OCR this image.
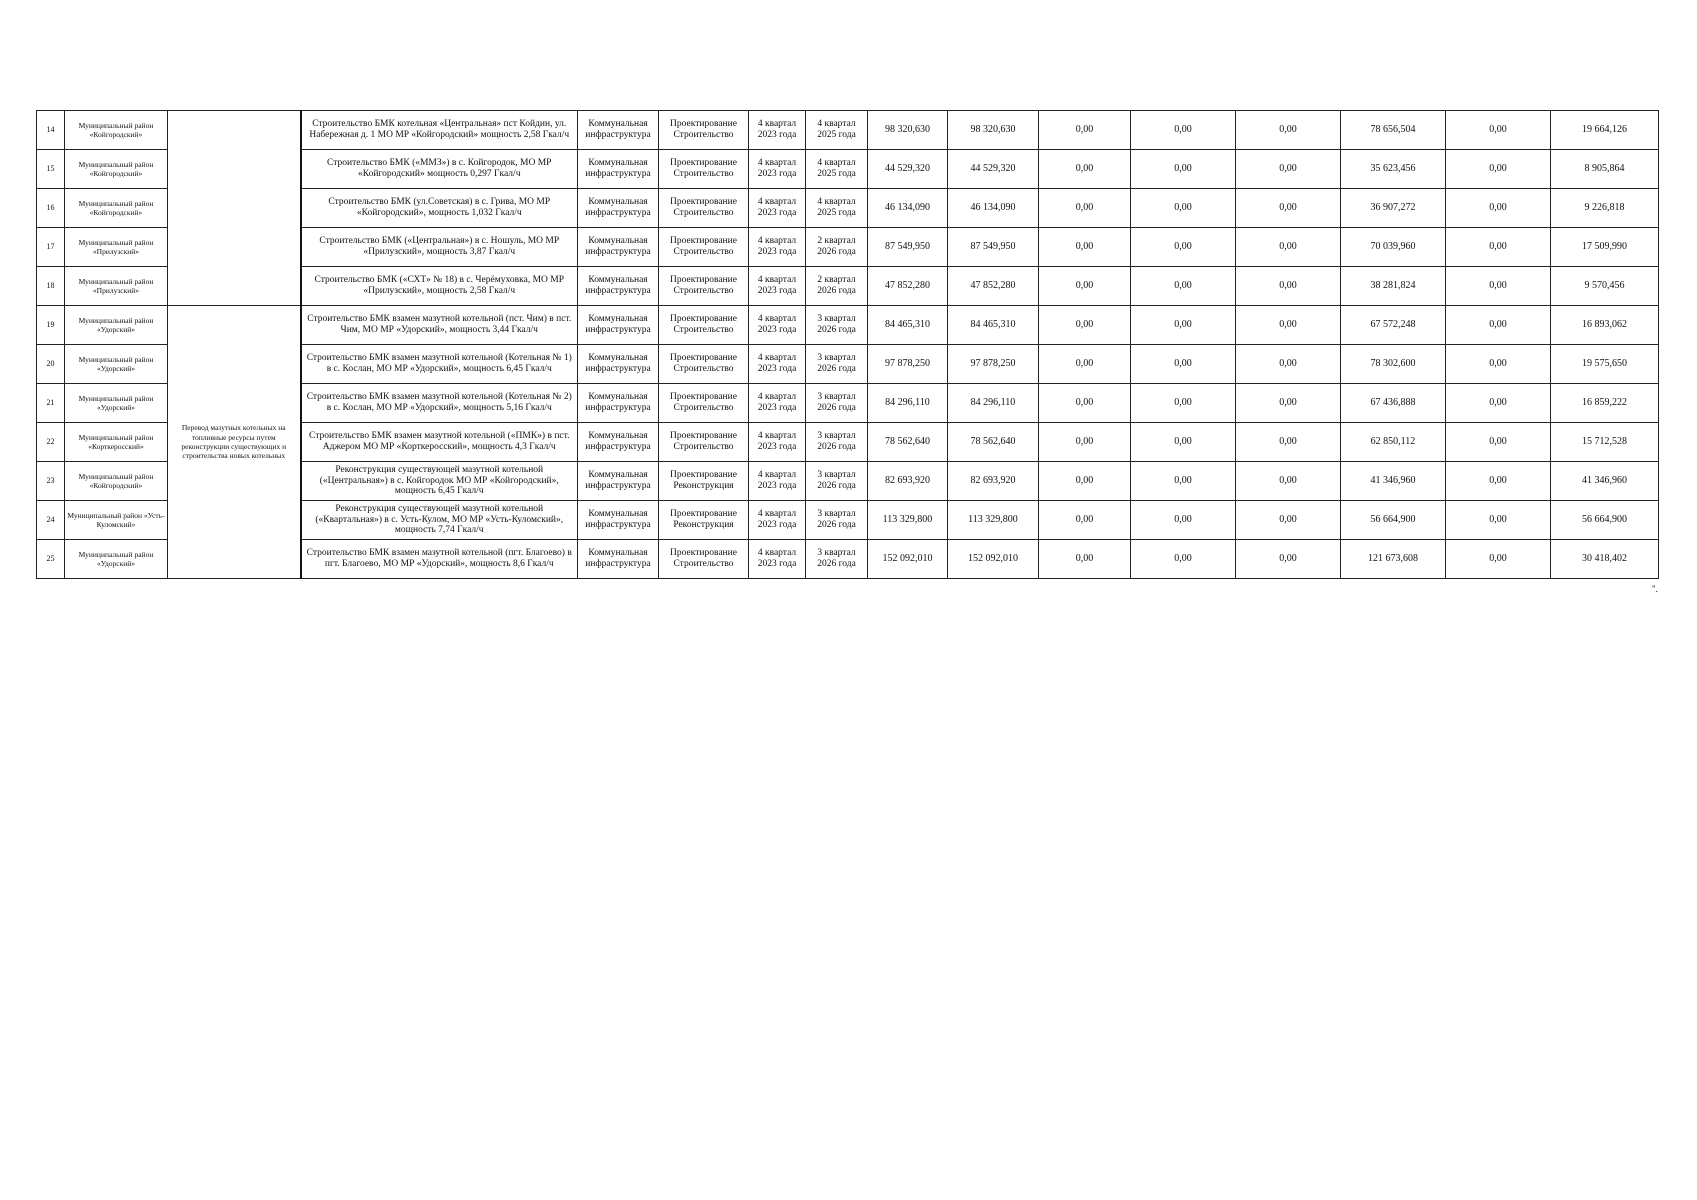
14	Муниципальный район «Койгородский»		Строительство БМК котельная «Центральная» пст Койдин, ул. Набережная д. 1 МО МР «Койгородский» мощность 2,58 Гкал/ч	Коммунальная инфраструктура	Проектирование Строительство	4 квартал 2023 года	4 квартал 2025 года	98 320,630	98 320,630	0,00	0,00	0,00	78 656,504	0,00	19 664,126
15	Муниципальный район «Койгородский»		Строительство БМК («ММЗ») в с. Койгородок, МО МР «Койгородский» мощность 0,297 Гкал/ч	Коммунальная инфраструктура	Проектирование Строительство	4 квартал 2023 года	4 квартал 2025 года	44 529,320	44 529,320	0,00	0,00	0,00	35 623,456	0,00	8 905,864
16	Муниципальный район «Койгородский»		Строительство БМК (ул.Советская) в с. Грива, МО МР «Койгородский», мощность 1,032 Гкал/ч	Коммунальная инфраструктура	Проектирование Строительство	4 квартал 2023 года	4 квартал 2025 года	46 134,090	46 134,090	0,00	0,00	0,00	36 907,272	0,00	9 226,818
17	Муниципальный район «Прилузский»		Строительство БМК («Центральная») в с. Ношуль, МО МР «Прилузский», мощность 3,87 Гкал/ч	Коммунальная инфраструктура	Проектирование Строительство	4 квартал 2023 года	2 квартал 2026 года	87 549,950	87 549,950	0,00	0,00	0,00	70 039,960	0,00	17 509,990
18	Муниципальный район «Прилузский»		Строительство БМК («СХТ» № 18) в с. Черёмуховка, МО МР «Прилузский», мощность 2,58 Гкал/ч	Коммунальная инфраструктура	Проектирование Строительство	4 квартал 2023 года	2 квартал 2026 года	47 852,280	47 852,280	0,00	0,00	0,00	38 281,824	0,00	9 570,456
19	Муниципальный район «Удорский»	Перевод мазутных котельных на топливные ресурсы путем реконструкции существующих и строительства новых котельных	Строительство БМК взамен мазутной котельной (пст. Чим) в пст. Чим, МО МР «Удорский», мощность 3,44 Гкал/ч	Коммунальная инфраструктура	Проектирование Строительство	4 квартал 2023 года	3 квартал 2026 года	84 465,310	84 465,310	0,00	0,00	0,00	67 572,248	0,00	16 893,062
20	Муниципальный район «Удорский»		Строительство БМК взамен мазутной котельной (Котельная № 1) в с. Кослан, МО МР «Удорский», мощность 6,45 Гкал/ч	Коммунальная инфраструктура	Проектирование Строительство	4 квартал 2023 года	3 квартал 2026 года	97 878,250	97 878,250	0,00	0,00	0,00	78 302,600	0,00	19 575,650
21	Муниципальный район «Удорский»		Строительство БМК взамен мазутной котельной (Котельная № 2) в с. Кослан, МО МР «Удорский», мощность 5,16 Гкал/ч	Коммунальная инфраструктура	Проектирование Строительство	4 квартал 2023 года	3 квартал 2026 года	84 296,110	84 296,110	0,00	0,00	0,00	67 436,888	0,00	16 859,222
22	Муниципальный район «Корткеросский»		Строительство БМК взамен мазутной котельной («ПМК») в пст. Аджером МО МР «Корткеросский», мощность 4,3 Гкал/ч	Коммунальная инфраструктура	Проектирование Строительство	4 квартал 2023 года	3 квартал 2026 года	78 562,640	78 562,640	0,00	0,00	0,00	62 850,112	0,00	15 712,528
23	Муниципальный район «Койгородский»		Реконструкция существующей мазутной котельной («Центральная») в с. Койгородок МО МР «Койгородский», мощность 6,45 Гкал/ч	Коммунальная инфраструктура	Проектирование Реконструкция	4 квартал 2023 года	3 квартал 2026 года	82 693,920	82 693,920	0,00	0,00	0,00	41 346,960	0,00	41 346,960
24	Муниципальный район «Усть-Куломский»		Реконструкция существующей мазутной котельной («Квартальная») в с. Усть-Кулом, МО МР «Усть-Куломский», мощность 7,74 Гкал/ч	Коммунальная инфраструктура	Проектирование Реконструкция	4 квартал 2023 года	3 квартал 2026 года	113 329,800	113 329,800	0,00	0,00	0,00	56 664,900	0,00	56 664,900
25	Муниципальный район «Удорский»		Строительство БМК взамен мазутной котельной (пгт. Благоево) в пгт. Благоево, МО МР «Удорский», мощность 8,6 Гкал/ч	Коммунальная инфраструктура	Проектирование Строительство	4 квартал 2023 года	3 квартал 2026 года	152 092,010	152 092,010	0,00	0,00	0,00	121 673,608	0,00	30 418,402
".
